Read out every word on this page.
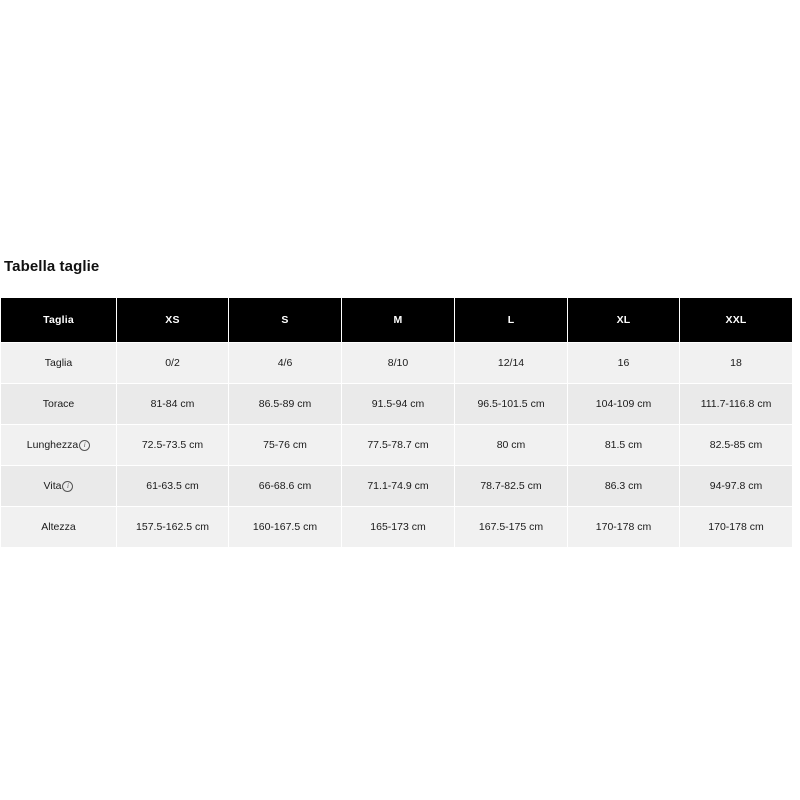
Tabella taglie
Taglia	XS	S	M	L	XL	XXL
Taglia	0/2	4/6	8/10	12/14	16	18
Torace	81-84 cm	86.5-89 cm	91.5-94 cm	96.5-101.5 cm	104-109 cm	111.7-116.8 cm
Lunghezza i	72.5-73.5 cm	75-76 cm	77.5-78.7 cm	80 cm	81.5 cm	82.5-85 cm
Vita i	61-63.5 cm	66-68.6 cm	71.1-74.9 cm	78.7-82.5 cm	86.3 cm	94-97.8 cm
Altezza	157.5-162.5 cm	160-167.5 cm	165-173 cm	167.5-175 cm	170-178 cm	170-178 cm
